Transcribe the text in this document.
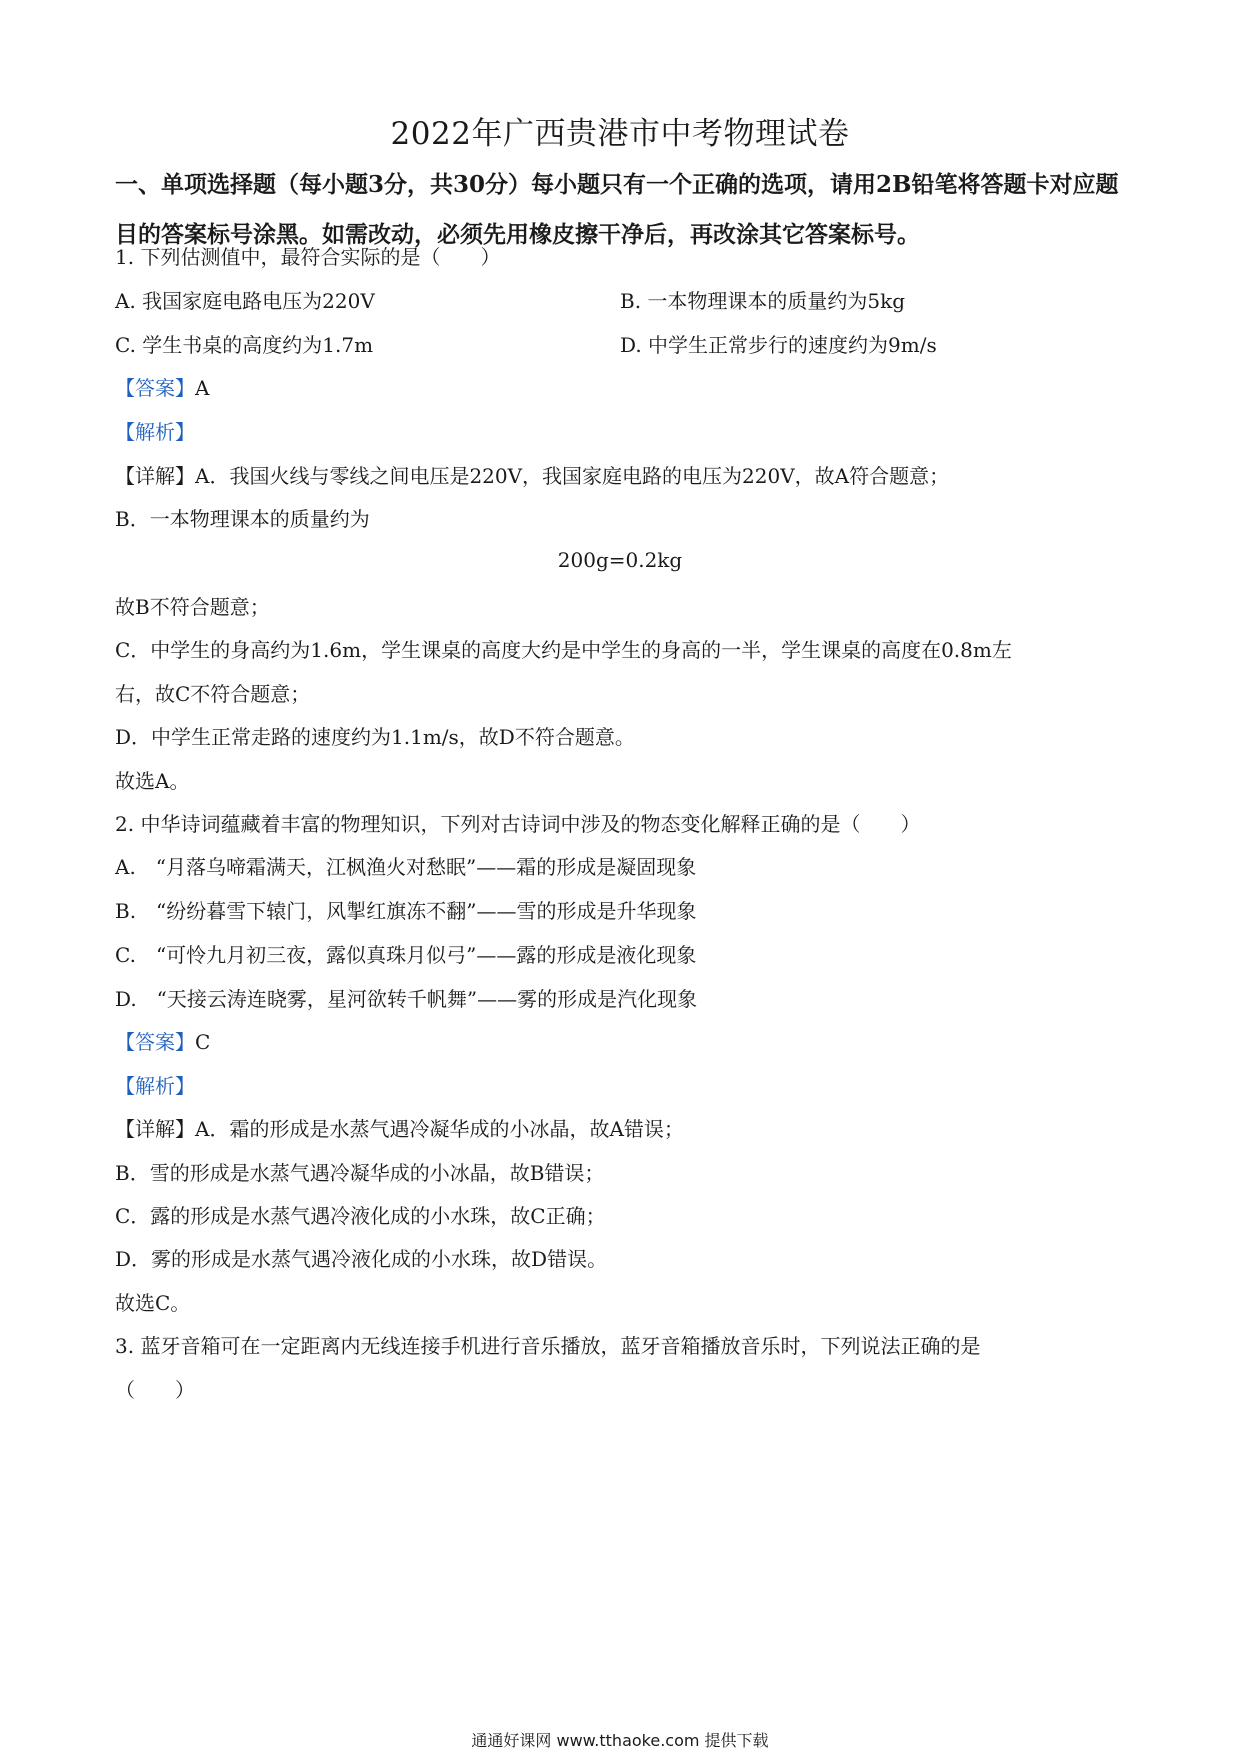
2022年广西贵港市中考物理试卷
一、单项选择题（每小题3分，共30分）每小题只有一个正确的选项，请用2B铅笔将答题卡对应题目的答案标号涂黑。如需改动，必须先用橡皮擦干净后，再改涂其它答案标号。
1. 下列估测值中，最符合实际的是（　　）
A. 我国家庭电路电压为220V	B. 一本物理课本的质量约为5kg
C. 学生书桌的高度约为1.7m	D. 中学生正常步行的速度约为9m/s
【答案】A
【解析】
【详解】A．我国火线与零线之间电压是220V，我国家庭电路的电压为220V，故A符合题意；
B．一本物理课本的质量约为
200g=0.2kg
故B不符合题意；
C．中学生的身高约为1.6m，学生课桌的高度大约是中学生的身高的一半，学生课桌的高度在0.8m左
右，故C不符合题意；
D．中学生正常走路的速度约为1.1m/s，故D不符合题意。
故选A。
2. 中华诗词蕴藏着丰富的物理知识，下列对古诗词中涉及的物态变化解释正确的是（　　）
A.　“月落乌啼霜满天，江枫渔火对愁眠”——霜的形成是凝固现象
B.　“纷纷暮雪下辕门，风掣红旗冻不翻”——雪的形成是升华现象
C.　“可怜九月初三夜，露似真珠月似弓”——露的形成是液化现象
D.　“天接云涛连晓雾，星河欲转千帆舞”——雾的形成是汽化现象
【答案】C
【解析】
【详解】A．霜的形成是水蒸气遇冷凝华成的小冰晶，故A错误；
B．雪的形成是水蒸气遇冷凝华成的小冰晶，故B错误；
C．露的形成是水蒸气遇冷液化成的小水珠，故C正确；
D．雾的形成是水蒸气遇冷液化成的小水珠，故D错误。
故选C。
3. 蓝牙音箱可在一定距离内无线连接手机进行音乐播放，蓝牙音箱播放音乐时，下列说法正确的是
（　　）
通通好课网 www.tthaoke.com 提供下载
